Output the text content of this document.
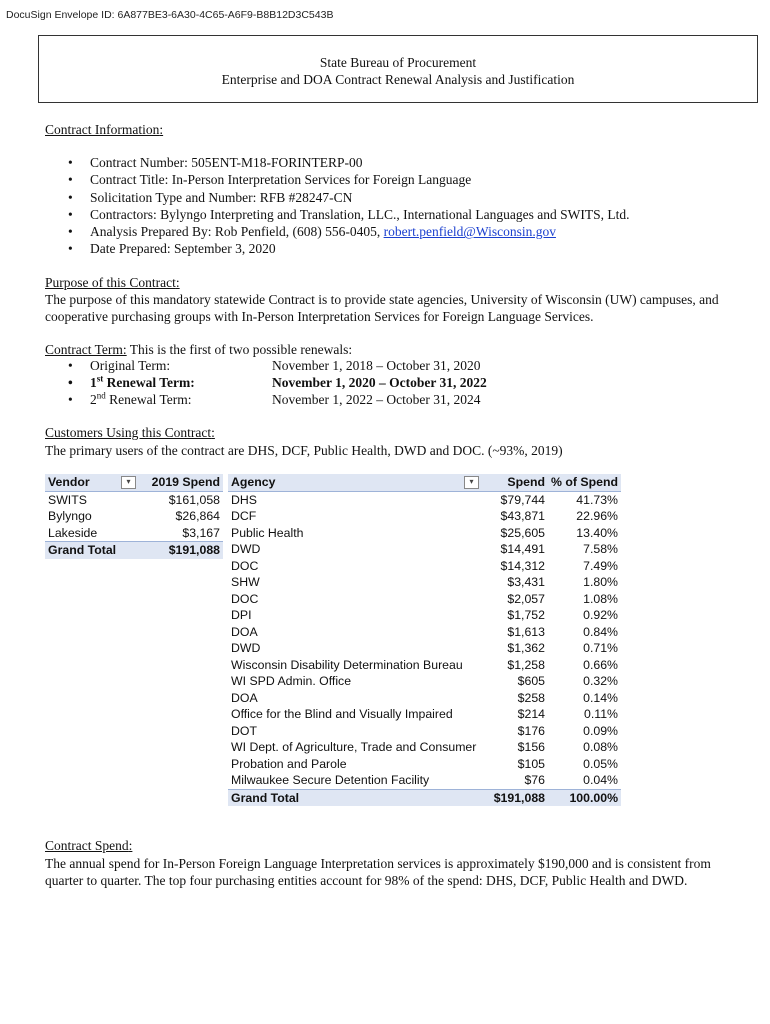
DocuSign Envelope ID: 6A877BE3-6A30-4C65-A6F9-B8B12D3C543B
State Bureau of Procurement
Enterprise and DOA Contract Renewal Analysis and Justification
Contract Information:
• Contract Number: 505ENT-M18-FORINTERP-00
• Contract Title: In-Person Interpretation Services for Foreign Language
• Solicitation Type and Number: RFB #28247-CN
• Contractors: Bylyngo Interpreting and Translation, LLC., International Languages and SWITS, Ltd.
• Analysis Prepared By: Rob Penfield, (608) 556-0405, robert.penfield@Wisconsin.gov
• Date Prepared: September 3, 2020
Purpose of this Contract:
The purpose of this mandatory statewide Contract is to provide state agencies, University of Wisconsin (UW) campuses, and cooperative purchasing groups with In-Person Interpretation Services for Foreign Language Services.
Contract Term: This is the first of two possible renewals:
• Original Term:	November 1, 2018 – October 31, 2020
• 1st Renewal Term:	November 1, 2020 – October 31, 2022
• 2nd Renewal Term:	November 1, 2022 – October 31, 2024
Customers Using this Contract:
The primary users of the contract are DHS, DCF, Public Health, DWD and DOC. (~93%, 2019)
Vendor	▾	2019 Spend
SWITS	$161,058
Bylyngo	$26,864
Lakeside	$3,167
Grand Total	$191,088
Agency	▾	Spend % of Spend
DHS	$79,744	41.73%
DCF	$43,871	22.96%
Public Health	$25,605	13.40%
DWD	$14,491	7.58%
DOC	$14,312	7.49%
SHW	$3,431	1.80%
DOC	$2,057	1.08%
DPI	$1,752	0.92%
DOA	$1,613	0.84%
DWD	$1,362	0.71%
Wisconsin Disability Determination Bureau	$1,258	0.66%
WI SPD Admin. Office	$605	0.32%
DOA	$258	0.14%
Office for the Blind and Visually Impaired	$214	0.11%
DOT	$176	0.09%
WI Dept. of Agriculture, Trade and Consumer	$156	0.08%
Probation and Parole	$105	0.05%
Milwaukee Secure Detention Facility	$76	0.04%
Grand Total	$191,088 100.00%
Contract Spend:
The annual spend for In-Person Foreign Language Interpretation services is approximately $190,000 and is consistent from quarter to quarter. The top four purchasing entities account for 98% of the spend: DHS, DCF, Public Health and DWD.
